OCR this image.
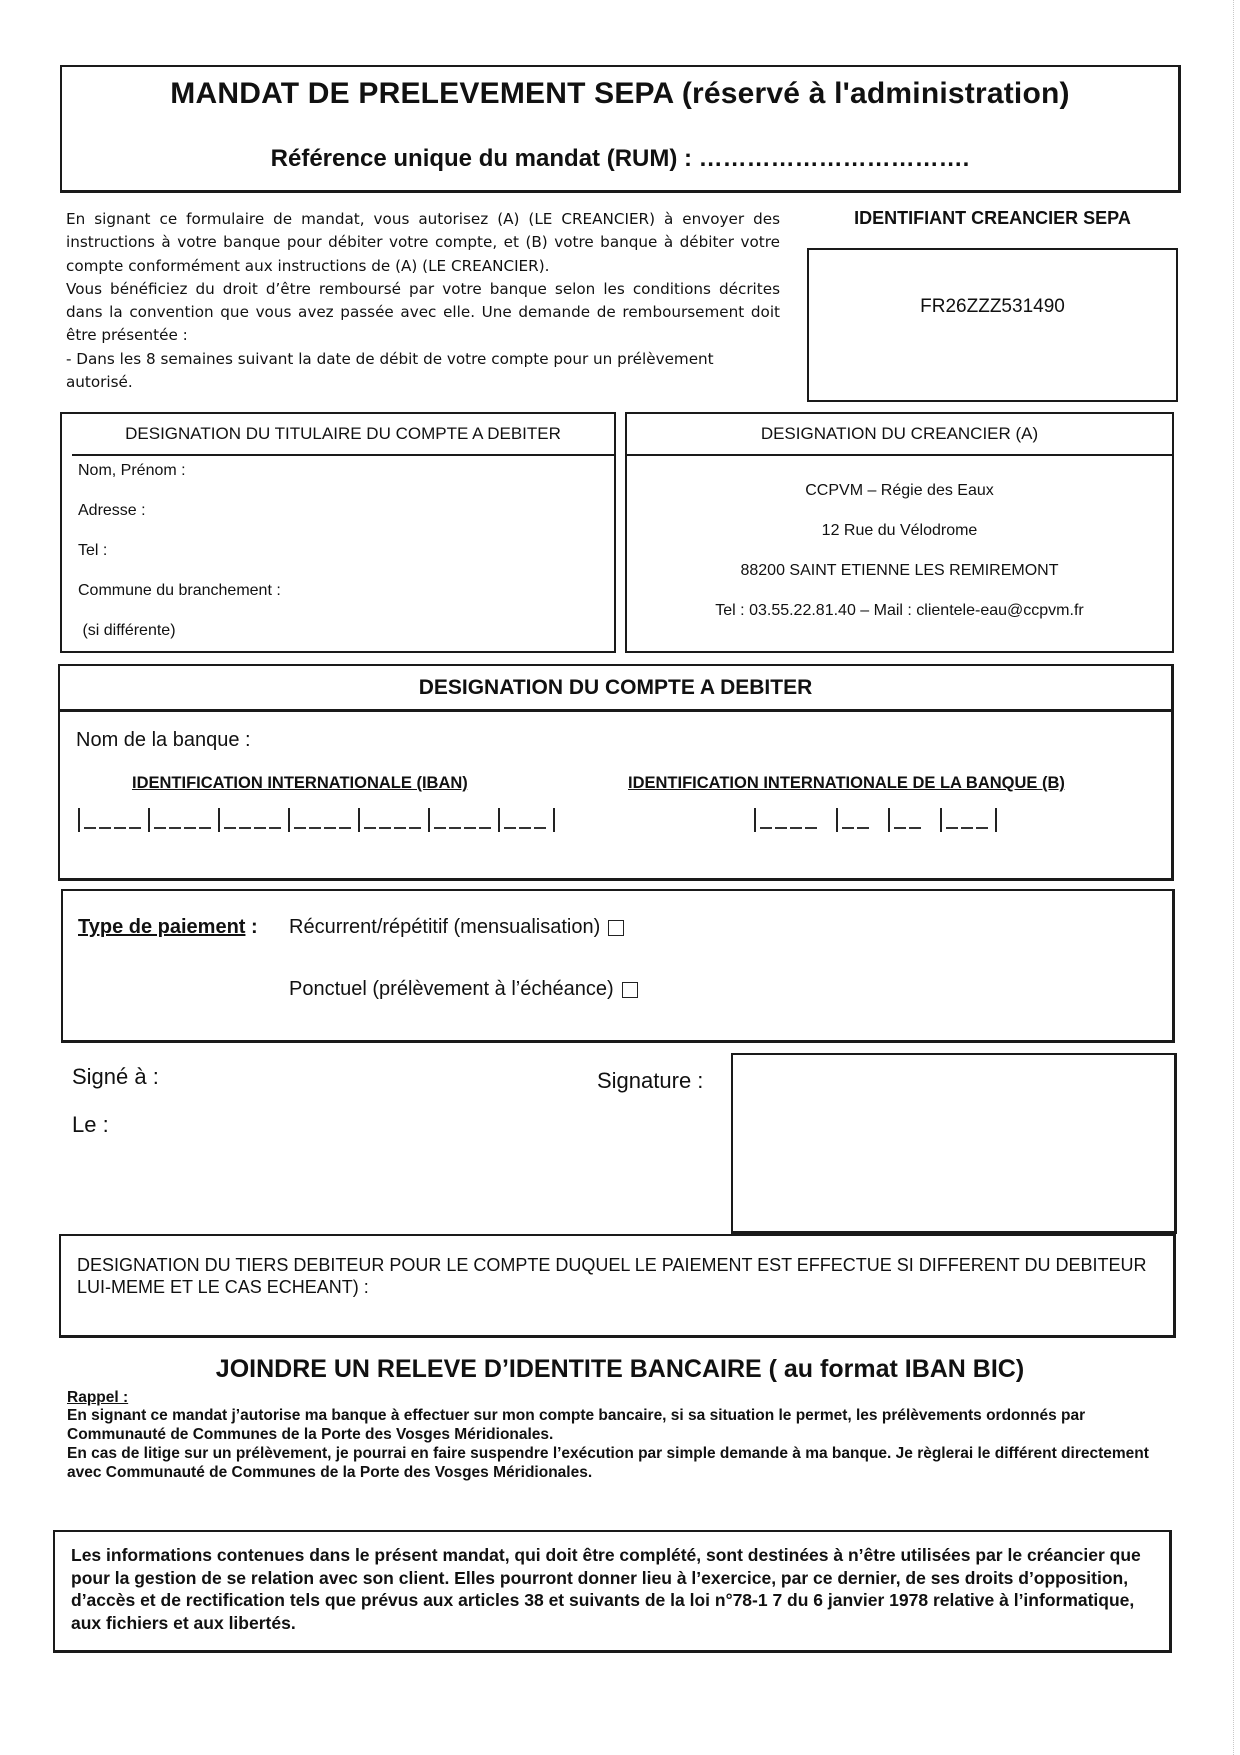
MANDAT DE PRELEVEMENT SEPA (réservé à l'administration)
Référence unique du mandat (RUM) : …………………………….

En signant ce formulaire de mandat, vous autorisez (A) (LE CREANCIER) à envoyer des instructions à votre banque pour débiter votre compte, et (B) votre banque à débiter votre compte conformément aux instructions de (A) (LE CREANCIER).

Vous bénéficiez du droit d’être remboursé par votre banque selon les conditions décrites dans la convention que vous avez passée avec elle. Une demande de remboursement doit être présentée :

- Dans les 8 semaines suivant la date de débit de votre compte pour un prélèvement autorisé.

IDENTIFIANT CREANCIER SEPA
FR26ZZZ531490
DESIGNATION DU TITULAIRE DU COMPTE A DEBITER
Nom, Prénom :
Adresse :
Tel :
Commune du branchement :
(si différente)
DESIGNATION DU CREANCIER (A)
CCPVM – Régie des Eaux
12 Rue du Vélodrome
88200 SAINT ETIENNE LES REMIREMONT
Tel : 03.55.22.81.40 – Mail : clientele-eau@ccpvm.fr
DESIGNATION DU COMPTE A DEBITER
Nom de la banque :
IDENTIFICATION INTERNATIONALE (IBAN)	IDENTIFICATION INTERNATIONALE DE LA BANQUE (B)
Type de paiement : Récurrent/répétitif (mensualisation)
Ponctuel (prélèvement à l’échéance)
Signé à :
Le :
Signature :
DESIGNATION DU TIERS DEBITEUR POUR LE COMPTE DUQUEL LE PAIEMENT EST EFFECTUE SI DIFFERENT DU DEBITEUR LUI-MEME ET LE CAS ECHEANT) :
JOINDRE UN RELEVE D’IDENTITE BANCAIRE ( au format IBAN BIC)
Rappel :

En signant ce mandat j’autorise ma banque à effectuer sur mon compte bancaire, si sa situation le permet, les prélèvements ordonnés par Communauté de Communes de la Porte des Vosges Méridionales.

En cas de litige sur un prélèvement, je pourrai en faire suspendre l’exécution par simple demande à ma banque. Je règlerai le différent directement avec Communauté de Communes de la Porte des Vosges Méridionales.

Les informations contenues dans le présent mandat, qui doit être complété, sont destinées à n’être utilisées par le créancier que pour la gestion de se relation avec son client. Elles pourront donner lieu à l’exercice, par ce dernier, de ses droits d’opposition, d’accès et de rectification tels que prévus aux articles 38 et suivants de la loi n°78-1 7 du 6 janvier 1978 relative à l’informatique, aux fichiers et aux libertés.
